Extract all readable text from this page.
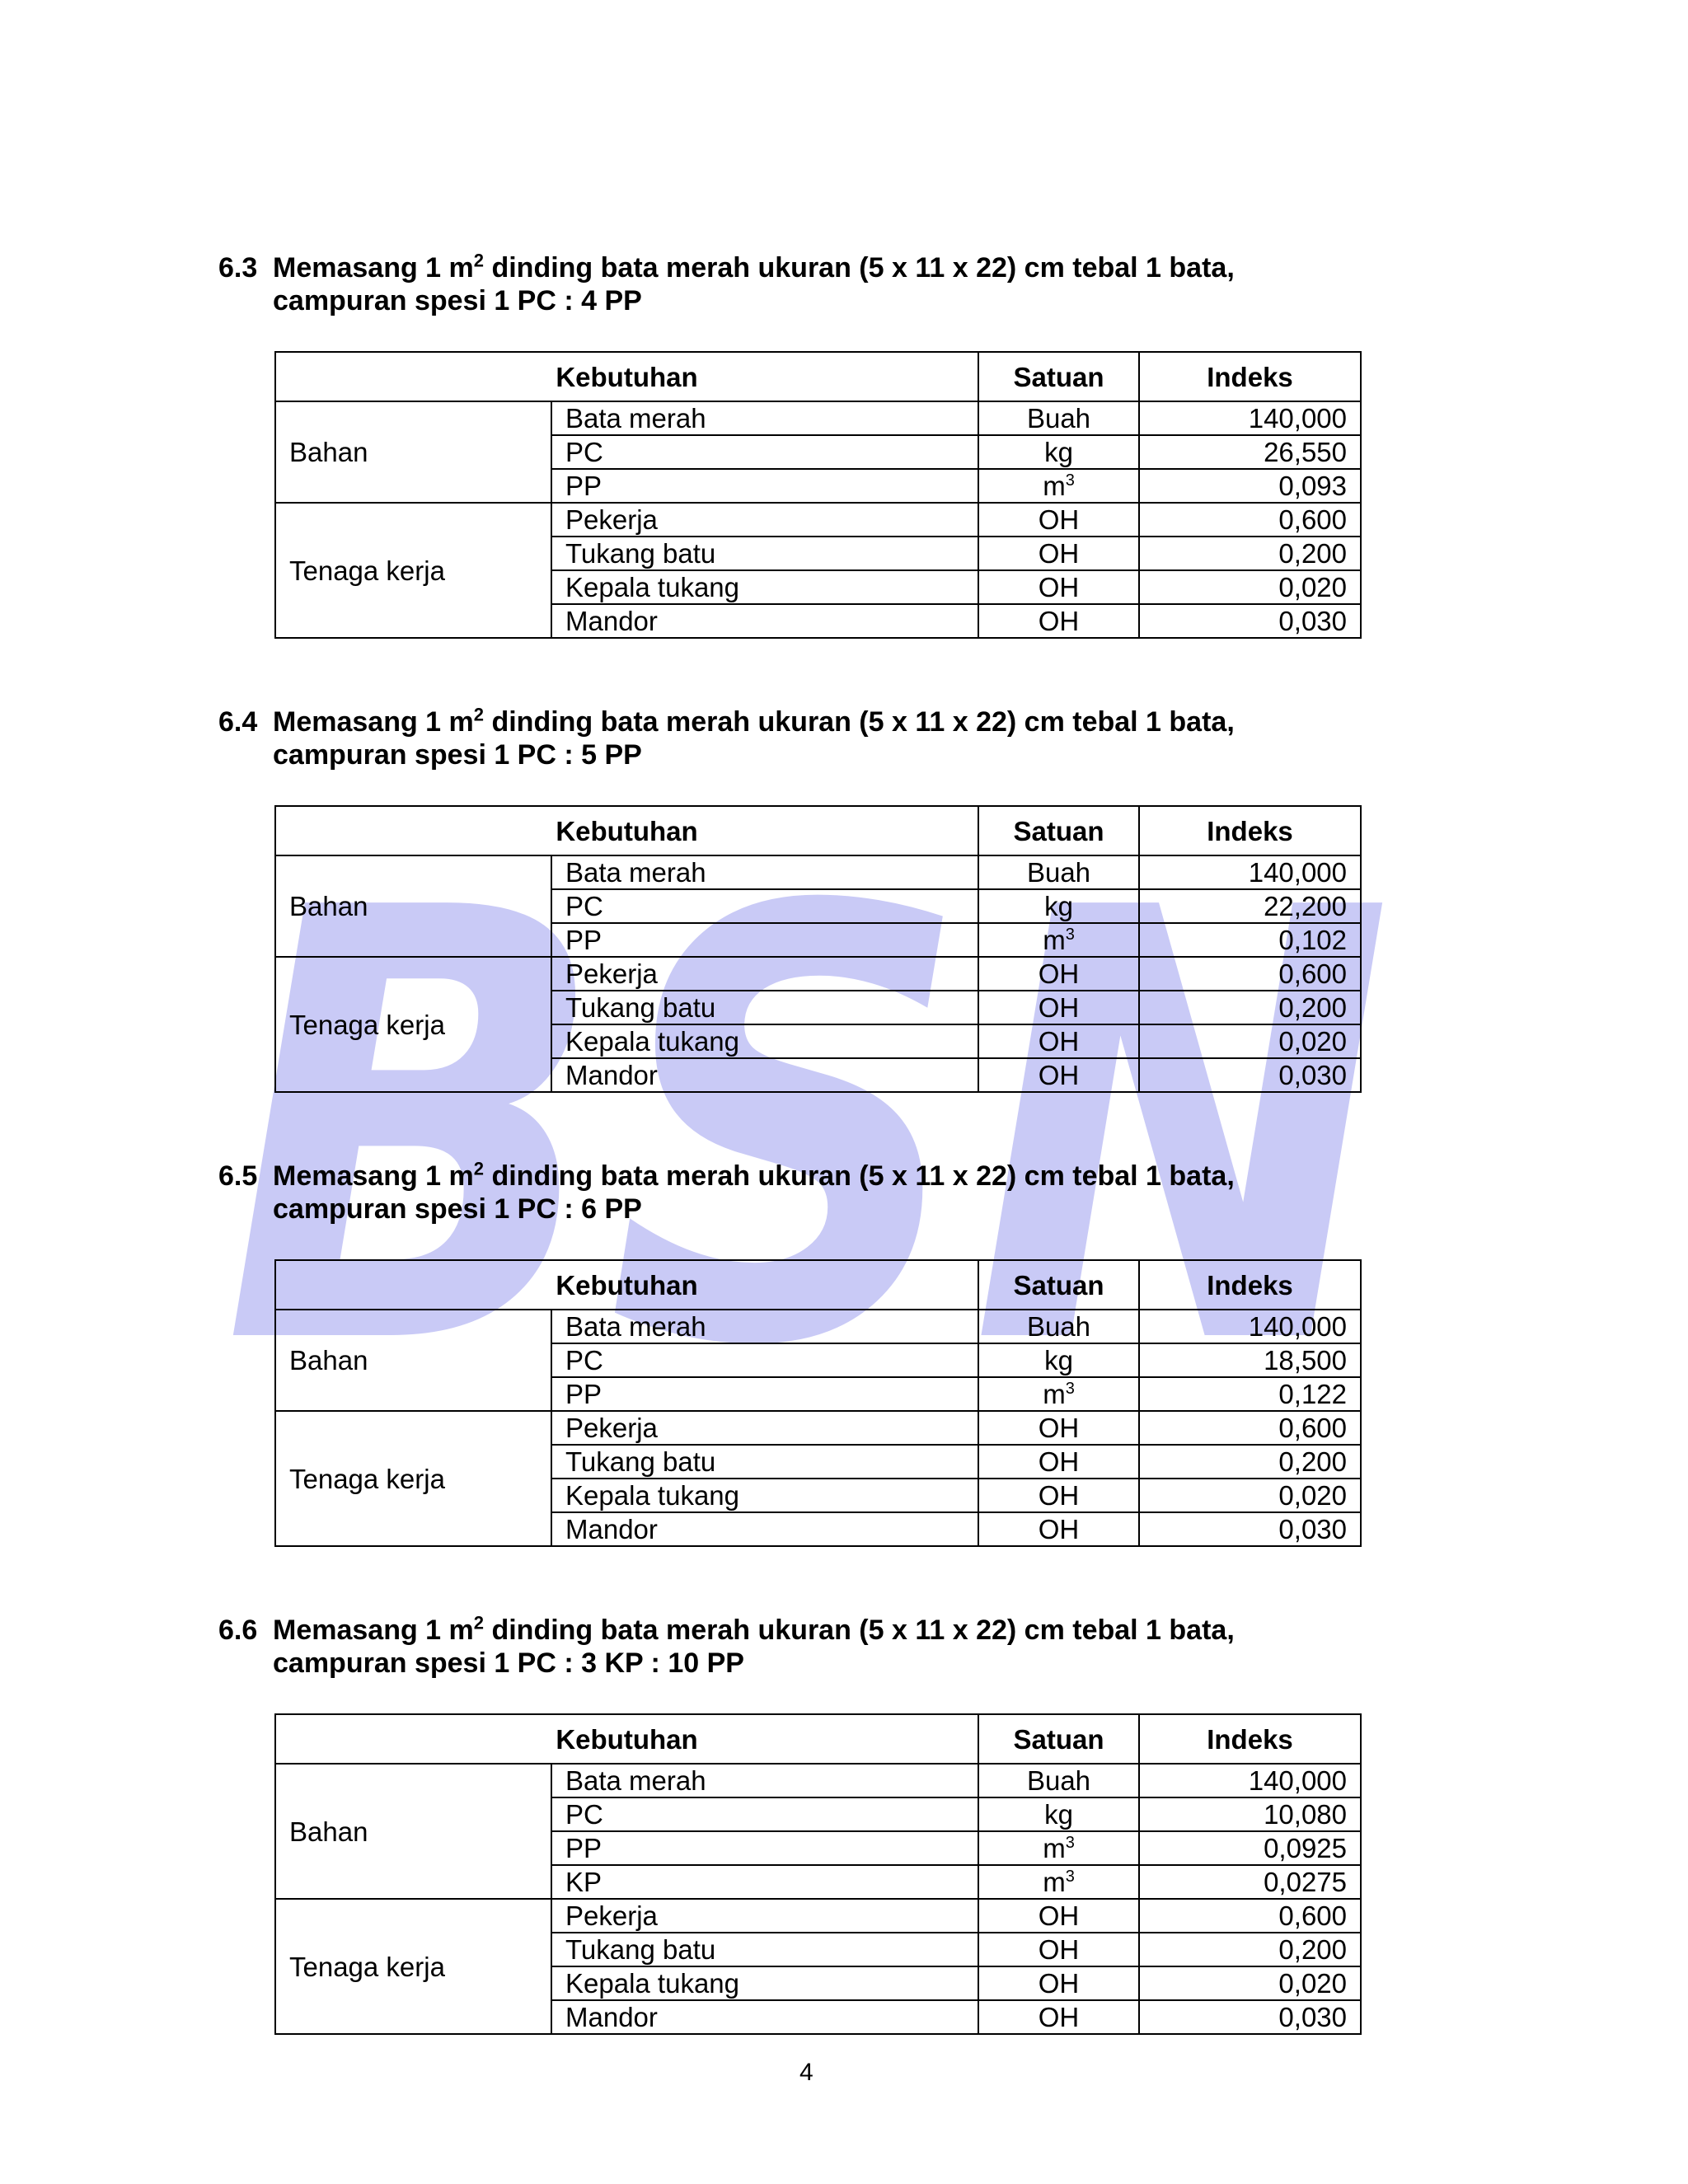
BSN
6.3 Memasang 1 $m^2$ dinding bata merah ukuran (5 x 11 x 22) cm tebal 1 bata,
campuran spesi 1 PC : 4 PP
Kebutuhan		Satuan	Indeks
Bahan	Bata merah	Buah	140,000
	PC	kg	26,550
	PP	$m^3$	0,093
Tenaga kerja	Pekerja	OH	0,600
	Tukang batu	OH	0,200
	Kepala tukang	OH	0,020
	Mandor	OH	0,030
6.4 Memasang 1 $m^2$ dinding bata merah ukuran (5 x 11 x 22) cm tebal 1 bata,
campuran spesi 1 PC : 5 PP
Kebutuhan		Satuan	Indeks
Bahan	Bata merah	Buah	140,000
	PC	kg	22,200
	PP	$m^3$	0,102
Tenaga kerja	Pekerja	OH	0,600
	Tukang batu	OH	0,200
	Kepala tukang	OH	0,020
	Mandor	OH	0,030
6.5 Memasang 1 $m^2$ dinding bata merah ukuran (5 x 11 x 22) cm tebal 1 bata,
campuran spesi 1 PC : 6 PP
Kebutuhan		Satuan	Indeks
Bahan	Bata merah	Buah	140,000
	PC	kg	18,500
	PP	$m^3$	0,122
Tenaga kerja	Pekerja	OH	0,600
	Tukang batu	OH	0,200
	Kepala tukang	OH	0,020
	Mandor	OH	0,030
6.6 Memasang 1 $m^2$ dinding bata merah ukuran (5 x 11 x 22) cm tebal 1 bata,
campuran spesi 1 PC : 3 KP : 10 PP
Kebutuhan		Satuan	Indeks
Bahan	Bata merah	Buah	140,000
	PC	kg	10,080
	PP	$m^3$	0,0925
	KP	$m^3$	0,0275
Tenaga kerja	Pekerja	OH	0,600
	Tukang batu	OH	0,200
	Kepala tukang	OH	0,020
	Mandor	OH	0,030
4
